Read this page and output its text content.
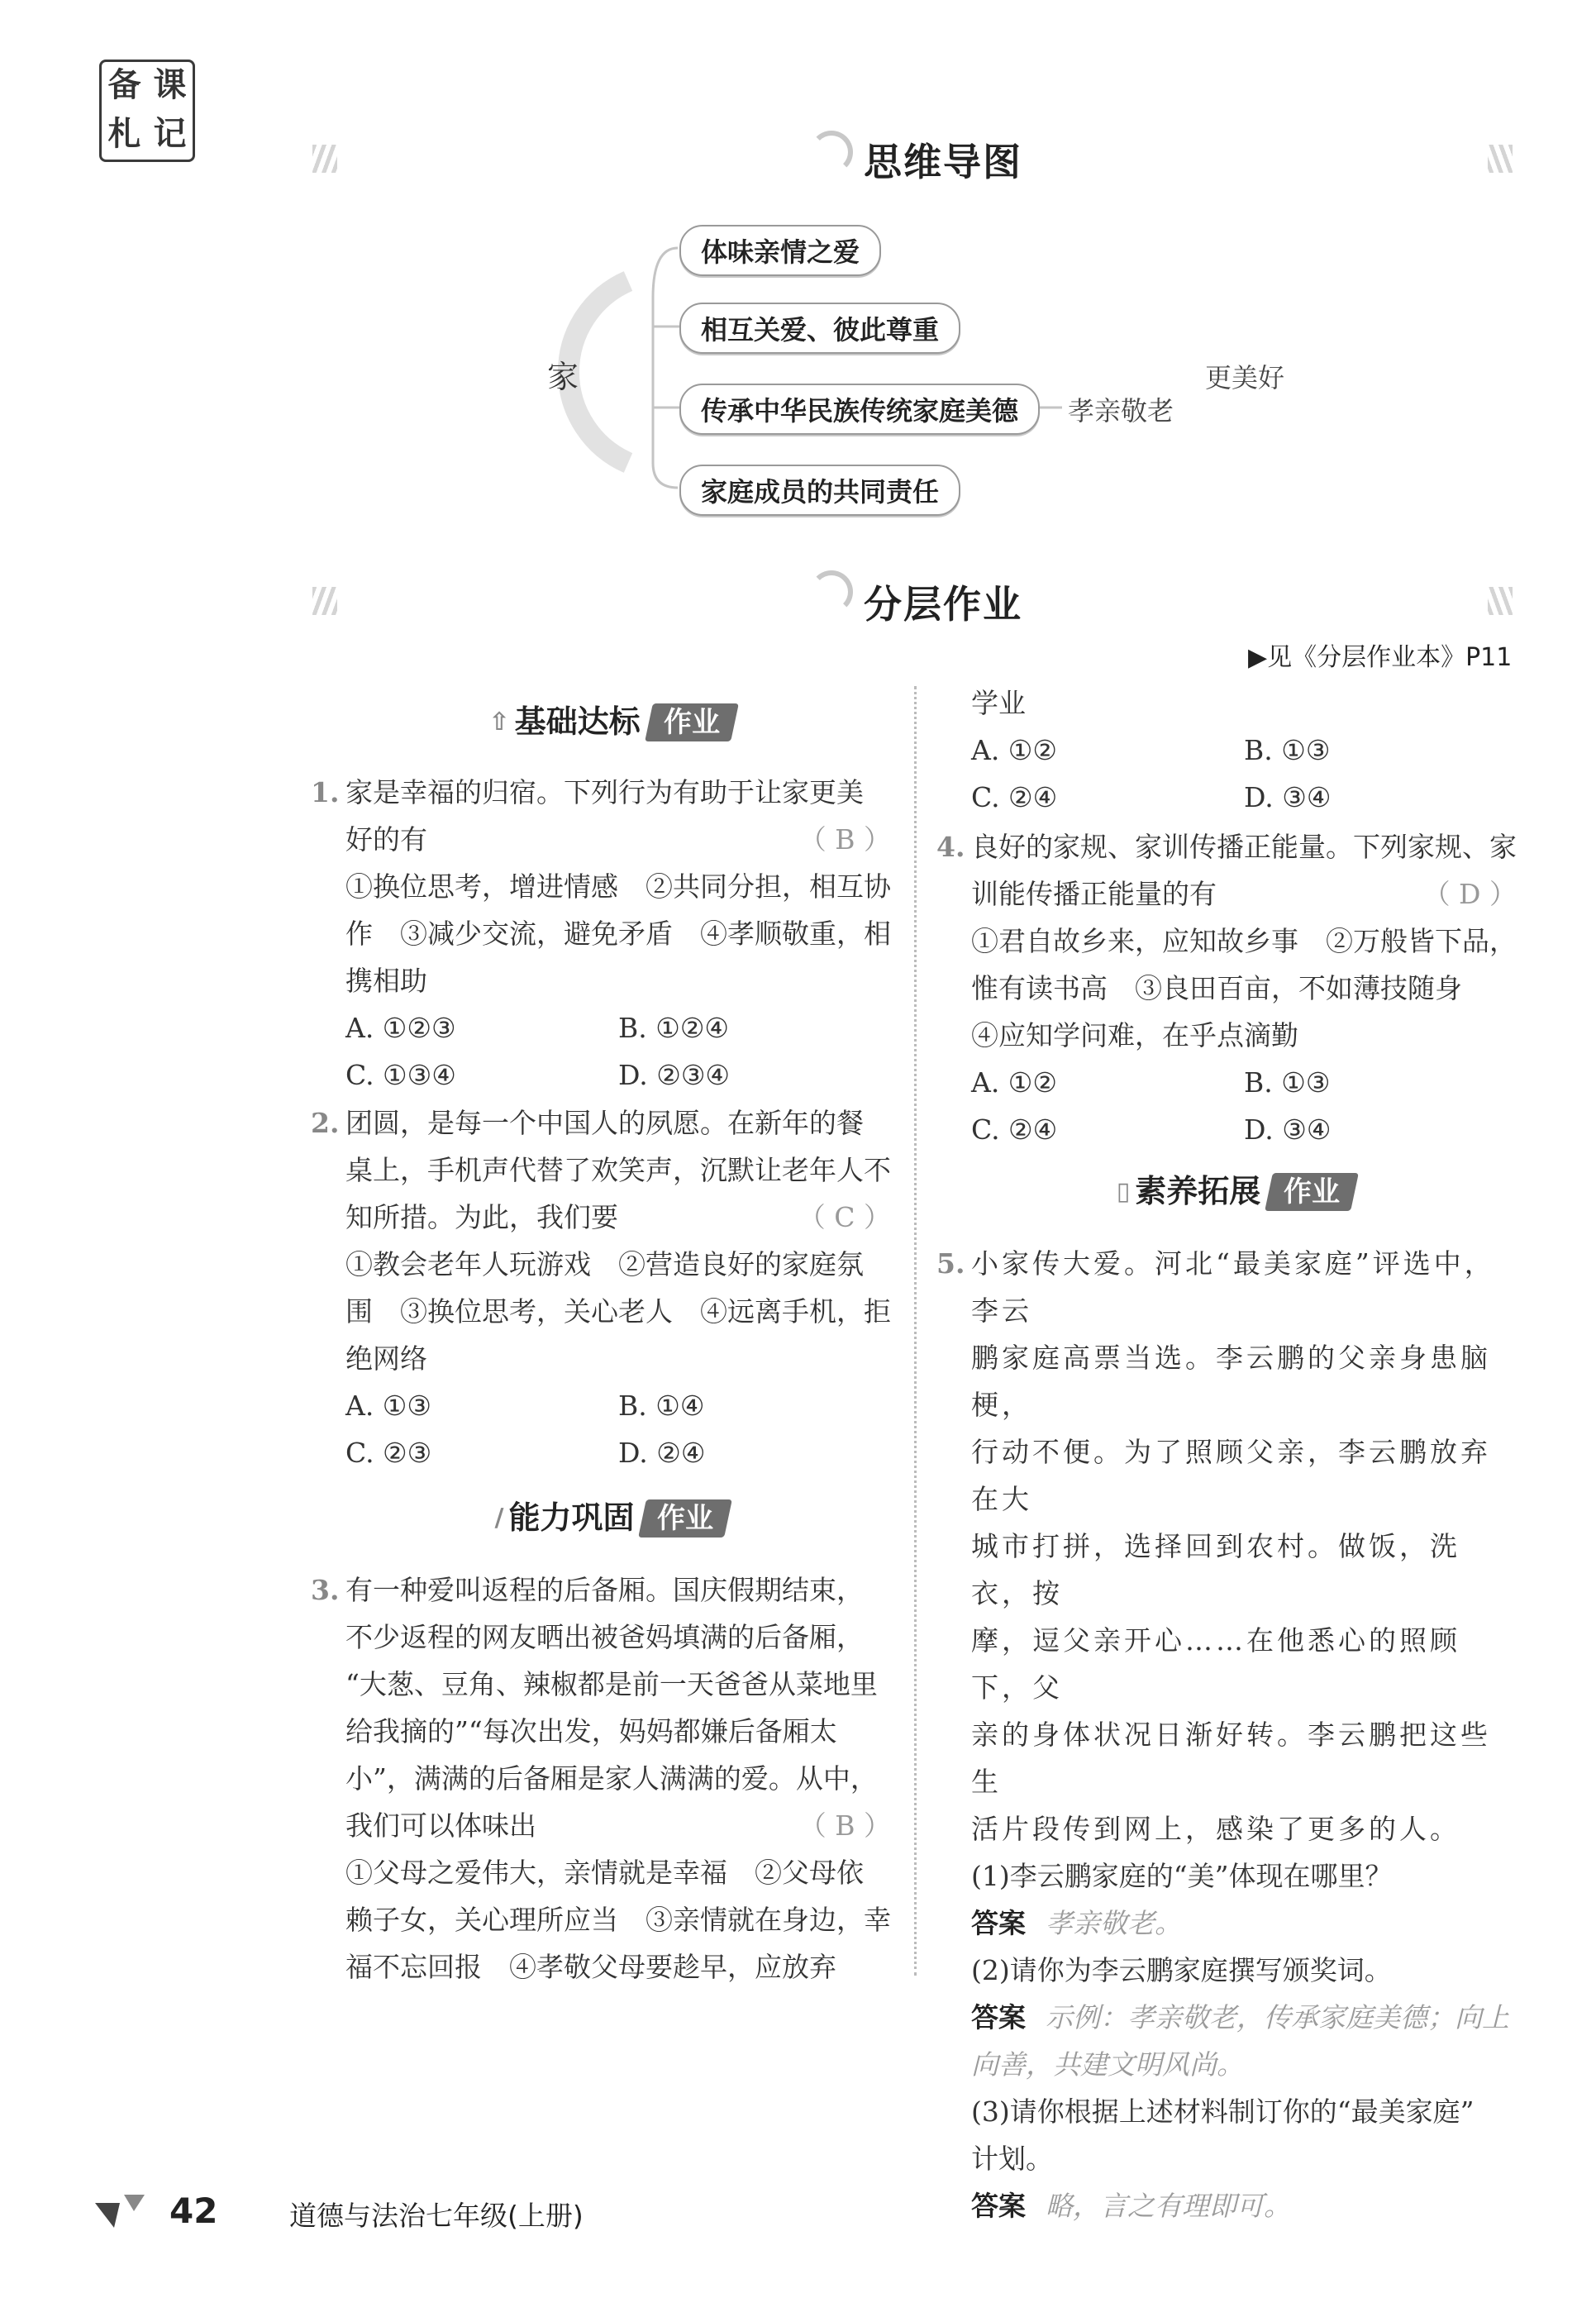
备 课
札 记
思维导图
家
体味亲情之爱
相互关爱、彼此尊重
传承中华民族传统家庭美德
家庭成员的共同责任
孝亲敬老
更美好
分层作业
▶见《分层作业本》P11
⇧ 基础达标 作业
1. 家是幸福的归宿。下列行为有助于让家更美
好的有	（ B ）
①换位思考，增进情感　②共同分担，相互协
作　③减少交流，避免矛盾　④孝顺敬重，相
携相助
A. ①②③	B. ①②④
C. ①③④	D. ②③④
2. 团圆，是每一个中国人的夙愿。在新年的餐
桌上，手机声代替了欢笑声，沉默让老年人不
知所措。为此，我们要	（ C ）
①教会老年人玩游戏　②营造良好的家庭氛
围　③换位思考，关心老人　④远离手机，拒
绝网络
A. ①③	B. ①④
C. ②③	D. ②④
∕ 能力巩固 作业
3. 有一种爱叫返程的后备厢。国庆假期结束，
不少返程的网友晒出被爸妈填满的后备厢，
“大葱、豆角、辣椒都是前一天爸爸从菜地里
给我摘的”“每次出发，妈妈都嫌后备厢太
小”，满满的后备厢是家人满满的爱。从中，
我们可以体味出	（ B ）
①父母之爱伟大，亲情就是幸福　②父母依
赖子女，关心理所应当　③亲情就在身边，幸
福不忘回报　④孝敬父母要趁早，应放弃
学业
A. ①②	B. ①③
C. ②④	D. ③④
4. 良好的家规、家训传播正能量。下列家规、家
训能传播正能量的有	（ D ）
①君自故乡来，应知故乡事　②万般皆下品，
惟有读书高　③良田百亩，不如薄技随身
④应知学问难，在乎点滴勤
A. ①②	B. ①③
C. ②④	D. ③④
▯ 素养拓展 作业
5. 小家传大爱。河北“最美家庭”评选中，李云
鹏家庭高票当选。李云鹏的父亲身患脑梗，
行动不便。为了照顾父亲，李云鹏放弃在大
城市打拼，选择回到农村。做饭，洗衣，按
摩，逗父亲开心……在他悉心的照顾下，父
亲的身体状况日渐好转。李云鹏把这些生
活片段传到网上，感染了更多的人。
(1)李云鹏家庭的“美”体现在哪里？
答案 孝亲敬老。
(2)请你为李云鹏家庭撰写颁奖词。
答案 示例：孝亲敬老，传承家庭美德；向上
向善，共建文明风尚。
(3)请你根据上述材料制订你的“最美家庭”
计划。
答案 略，言之有理即可。
42	道德与法治七年级(上册)
